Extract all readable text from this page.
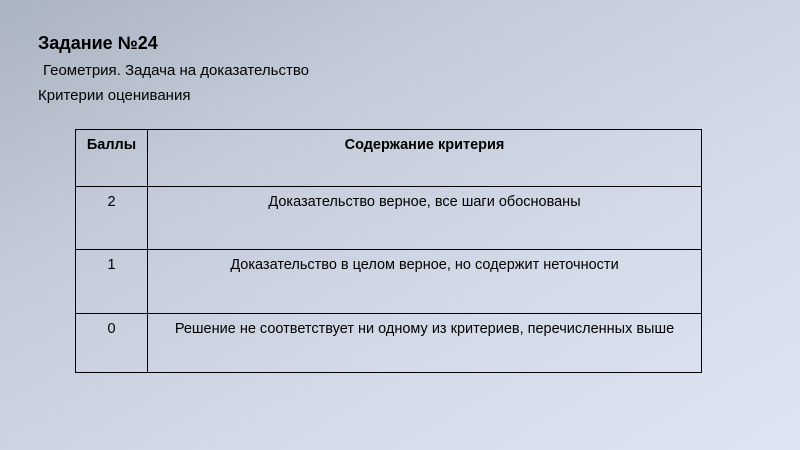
Задание №24
Геометрия. Задача на доказательство
Критерии оценивания
Баллы	Содержание критерия
2	Доказательство верное, все шаги обоснованы
1	Доказательство в целом верное, но содержит неточности
0	Решение не соответствует ни одному из критериев, перечисленных выше
